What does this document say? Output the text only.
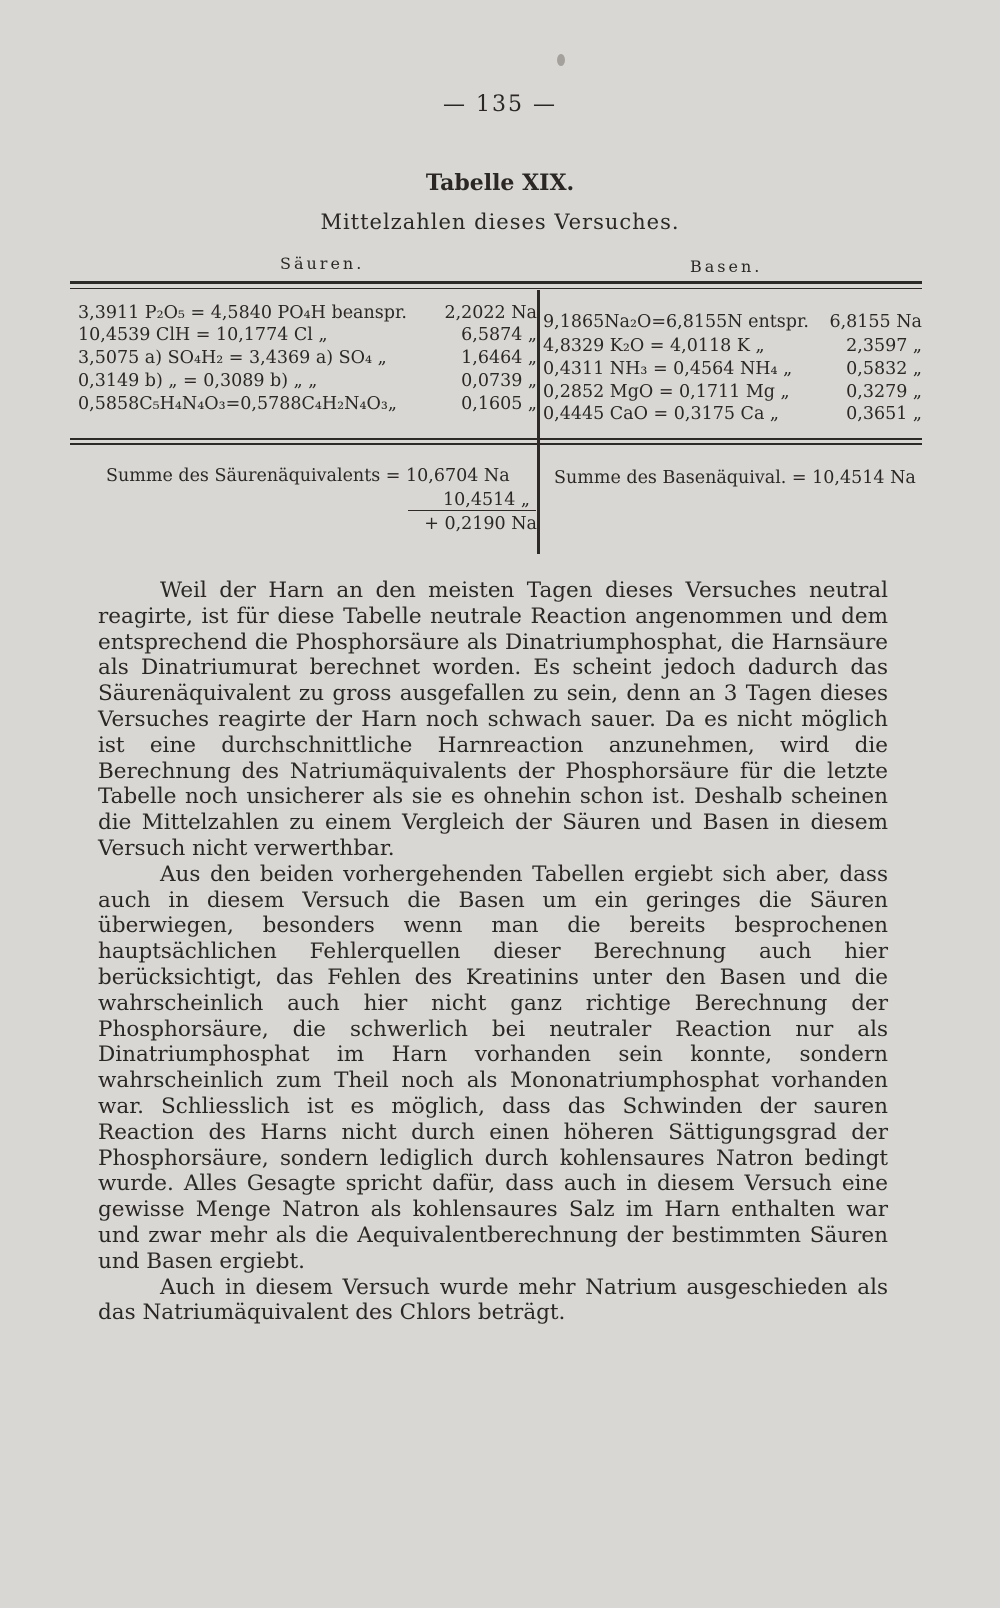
— 135 —
Tabelle XIX.
Mittelzahlen dieses Versuches.
Säuren.	Basen.
3,3911 P₂O₅ = 4,5840 PO₄H beanspr. 2,2022 Na
10,4539 ClH = 10,1774 Cl „	6,5874 „
3,5075 a) SO₄H₂ = 3,4369 a) SO₄ „	1,6464 „
0,3149 b) „ = 0,3089 b) „ „	0,0739 „
0,5858C₅H₄N₄O₃=0,5788C₄H₂N₄O₃„	0,1605 „
9,1865Na₂O=6,8155N entspr. 6,8155 Na
4,8329 K₂O = 4,0118 K „	2,3597 „
0,4311 NH₃ = 0,4564 NH₄ „	0,5832 „
0,2852 MgO = 0,1711 Mg „	0,3279 „
0,4445 CaO = 0,3175 Ca „	0,3651 „
Summe des Säurenäquivalents = 10,6704 Na
10,4514 „
+ 0,2190 Na
Summe des Basenäquival. = 10,4514 Na

Weil der Harn an den meisten Tagen dieses Versuches neutral reagirte, ist für diese Tabelle neutrale Reaction angenommen und dem entsprechend die Phosphorsäure als Dinatriumphosphat, die Harnsäure als Dinatriumurat berechnet worden. Es scheint jedoch dadurch das Säurenäquivalent zu gross ausgefallen zu sein, denn an 3 Tagen dieses Versuches reagirte der Harn noch schwach sauer. Da es nicht möglich ist eine durchschnittliche Harnreaction anzunehmen, wird die Berechnung des Natriumäquivalents der Phosphorsäure für die letzte Tabelle noch unsicherer als sie es ohnehin schon ist. Deshalb scheinen die Mittelzahlen zu einem Vergleich der Säuren und Basen in diesem Versuch nicht verwerthbar.

Aus den beiden vorhergehenden Tabellen ergiebt sich aber, dass auch in diesem Versuch die Basen um ein geringes die Säuren überwiegen, besonders wenn man die bereits besprochenen hauptsächlichen Fehlerquellen dieser Berechnung auch hier berücksichtigt, das Fehlen des Kreatinins unter den Basen und die wahrscheinlich auch hier nicht ganz richtige Berechnung der Phosphorsäure, die schwerlich bei neutraler Reaction nur als Dinatriumphosphat im Harn vorhanden sein konnte, sondern wahrscheinlich zum Theil noch als Mononatriumphosphat vorhanden war. Schliesslich ist es möglich, dass das Schwinden der sauren Reaction des Harns nicht durch einen höheren Sättigungsgrad der Phosphorsäure, sondern lediglich durch kohlensaures Natron bedingt wurde. Alles Gesagte spricht dafür, dass auch in diesem Versuch eine gewisse Menge Natron als kohlensaures Salz im Harn enthalten war und zwar mehr als die Aequivalentberechnung der bestimmten Säuren und Basen ergiebt.

Auch in diesem Versuch wurde mehr Natrium ausgeschieden als das Natriumäquivalent des Chlors beträgt.
